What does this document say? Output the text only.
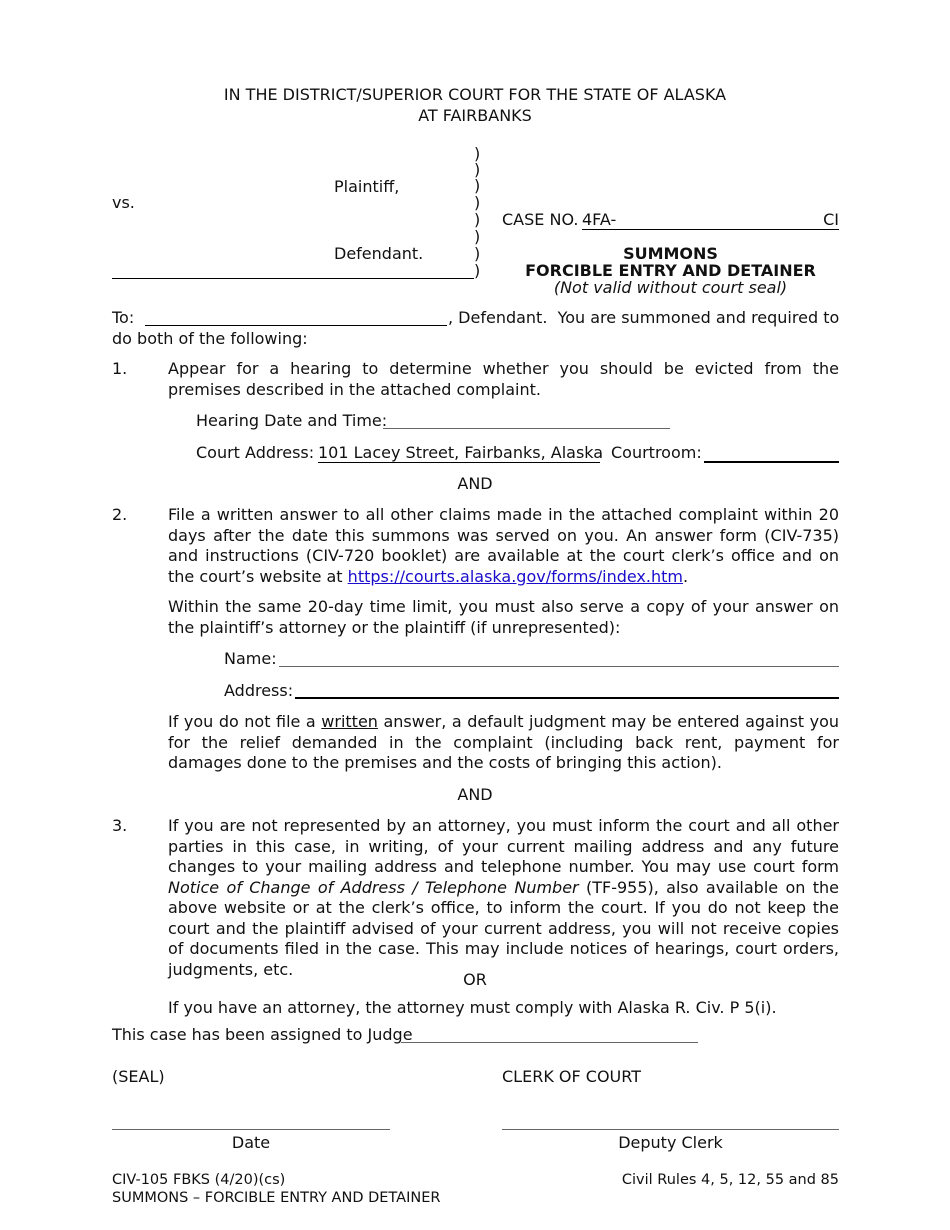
IN THE DISTRICT/SUPERIOR COURT FOR THE STATE OF ALASKA
AT FAIRBANKS
)
)
)
)
)
)
)
)
Plaintiff,
vs.
Defendant.
CASE NO. 4FA-	CI
SUMMONS
FORCIBLE ENTRY AND DETAINER
(Not valid without court seal)
To:	, Defendant.  You are summoned and required to
do both of the following:
1.	Appear for a hearing to determine whether you should be evicted from the premises described in the attached complaint.
Hearing Date and Time:
Court Address: 101 Lacey Street, Fairbanks, Alaska Courtroom:
AND
2.	File a written answer to all other claims made in the attached complaint within 20 days after the date this summons was served on you. An answer form (CIV-735) and instructions (CIV-720 booklet) are available at the court clerk’s office and on the court’s website at https://courts.alaska.gov/forms/index.htm.
Within the same 20-day time limit, you must also serve a copy of your answer on the plaintiff’s attorney or the plaintiff (if unrepresented):
Name:
Address:
If you do not file a written answer, a default judgment may be entered against you for the relief demanded in the complaint (including back rent, payment for damages done to the premises and the costs of bringing this action).
AND
3.	If you are not represented by an attorney, you must inform the court and all other parties in this case, in writing, of your current mailing address and any future changes to your mailing address and telephone number. You may use court form Notice of Change of Address / Telephone Number (TF-955), also available on the above website or at the clerk’s office, to inform the court. If you do not keep the court and the plaintiff advised of your current address, you will not receive copies of documents filed in the case. This may include notices of hearings, court orders, judgments, etc.
OR
If you have an attorney, the attorney must comply with Alaska R. Civ. P 5(i).
This case has been assigned to Judge
(SEAL)	CLERK OF COURT
Date	Deputy Clerk
CIV-105 FBKS (4/20)(cs)
SUMMONS – FORCIBLE ENTRY AND DETAINER
Civil Rules 4, 5, 12, 55 and 85
